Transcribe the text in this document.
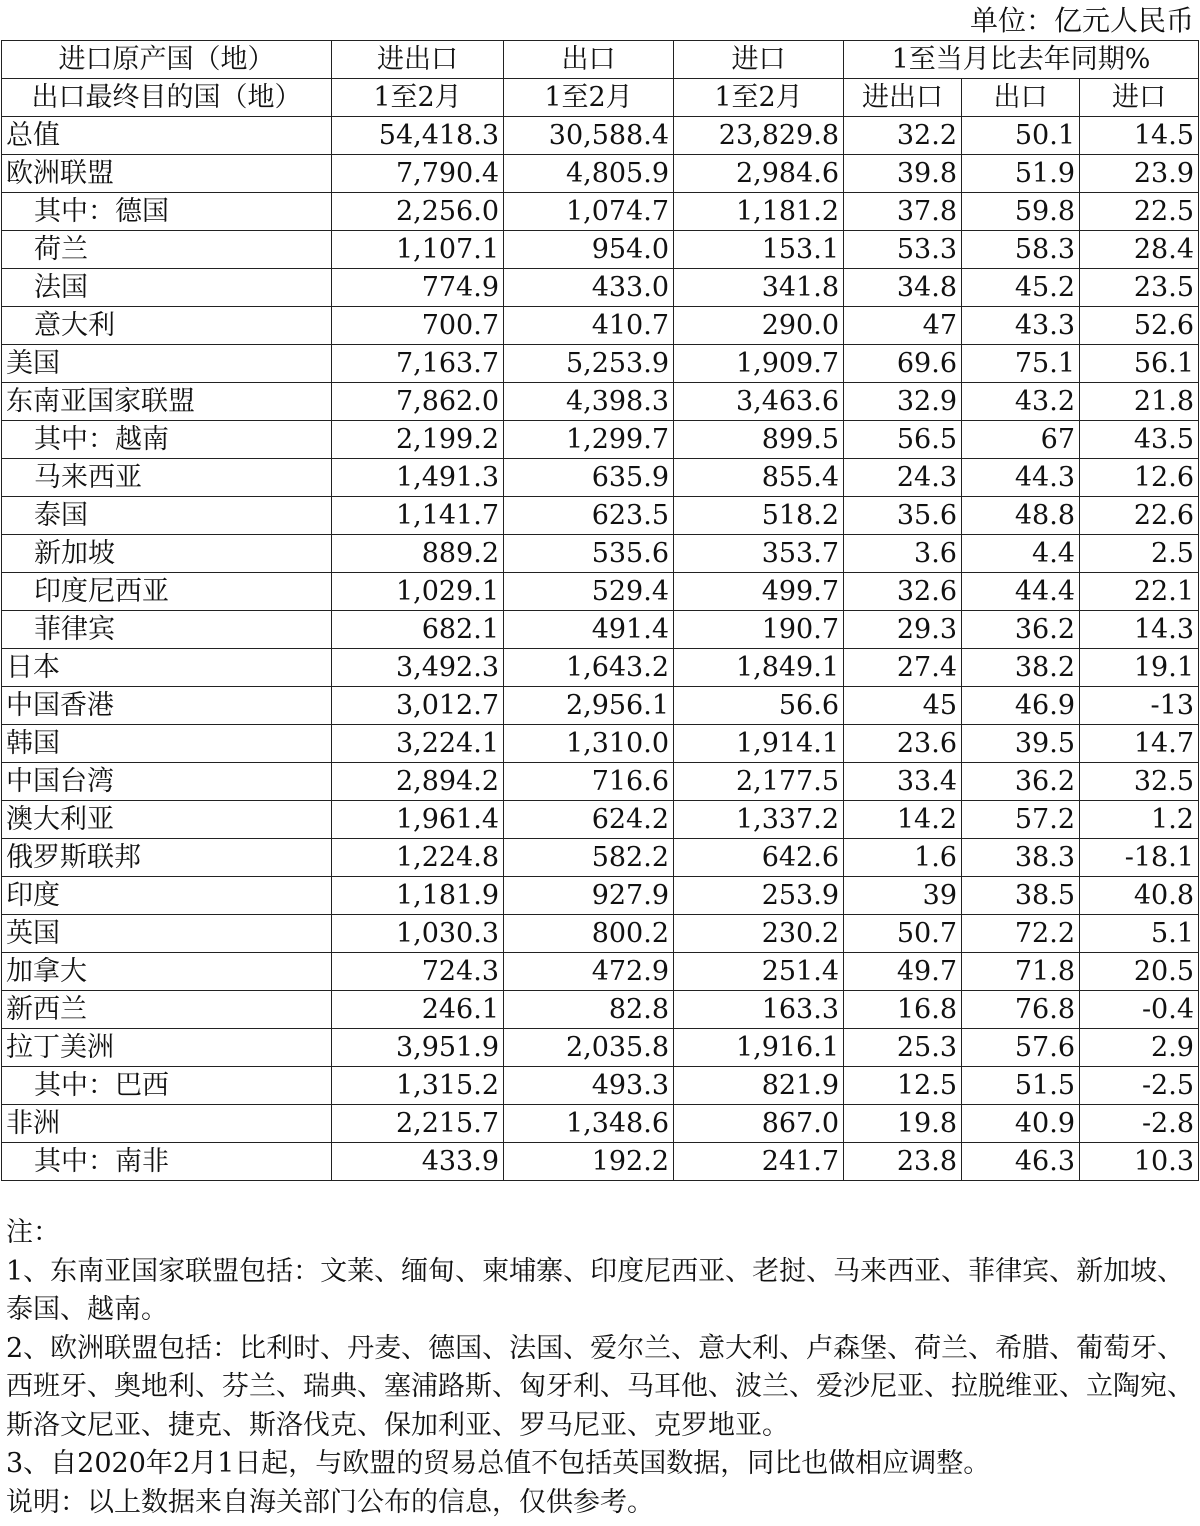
单位：亿元人民币
进口原产国（地）	进出口	出口	进口	1至当月比去年同期%		
出口最终目的国（地）	1至2月	1至2月	1至2月	进出口	出口	进口
总值	54,418.3	30,588.4	23,829.8	32.2	50.1	14.5
欧洲联盟	7,790.4	4,805.9	2,984.6	39.8	51.9	23.9
其中：德国	2,256.0	1,074.7	1,181.2	37.8	59.8	22.5
荷兰	1,107.1	954.0	153.1	53.3	58.3	28.4
法国	774.9	433.0	341.8	34.8	45.2	23.5
意大利	700.7	410.7	290.0	47	43.3	52.6
美国	7,163.7	5,253.9	1,909.7	69.6	75.1	56.1
东南亚国家联盟	7,862.0	4,398.3	3,463.6	32.9	43.2	21.8
其中：越南	2,199.2	1,299.7	899.5	56.5	67	43.5
马来西亚	1,491.3	635.9	855.4	24.3	44.3	12.6
泰国	1,141.7	623.5	518.2	35.6	48.8	22.6
新加坡	889.2	535.6	353.7	3.6	4.4	2.5
印度尼西亚	1,029.1	529.4	499.7	32.6	44.4	22.1
菲律宾	682.1	491.4	190.7	29.3	36.2	14.3
日本	3,492.3	1,643.2	1,849.1	27.4	38.2	19.1
中国香港	3,012.7	2,956.1	56.6	45	46.9	-13
韩国	3,224.1	1,310.0	1,914.1	23.6	39.5	14.7
中国台湾	2,894.2	716.6	2,177.5	33.4	36.2	32.5
澳大利亚	1,961.4	624.2	1,337.2	14.2	57.2	1.2
俄罗斯联邦	1,224.8	582.2	642.6	1.6	38.3	-18.1
印度	1,181.9	927.9	253.9	39	38.5	40.8
英国	1,030.3	800.2	230.2	50.7	72.2	5.1
加拿大	724.3	472.9	251.4	49.7	71.8	20.5
新西兰	246.1	82.8	163.3	16.8	76.8	-0.4
拉丁美洲	3,951.9	2,035.8	1,916.1	25.3	57.6	2.9
其中：巴西	1,315.2	493.3	821.9	12.5	51.5	-2.5
非洲	2,215.7	1,348.6	867.0	19.8	40.9	-2.8
其中：南非	433.9	192.2	241.7	23.8	46.3	10.3

注：

1、东南亚国家联盟包括：文莱、缅甸、柬埔寨、印度尼西亚、老挝、马来西亚、菲律宾、新加坡、泰国、越南。

2、欧洲联盟包括：比利时、丹麦、德国、法国、爱尔兰、意大利、卢森堡、荷兰、希腊、葡萄牙、西班牙、奥地利、芬兰、瑞典、塞浦路斯、匈牙利、马耳他、波兰、爱沙尼亚、拉脱维亚、立陶宛、斯洛文尼亚、捷克、斯洛伐克、保加利亚、罗马尼亚、克罗地亚。

3、自2020年2月1日起，与欧盟的贸易总值不包括英国数据，同比也做相应调整。

说明：以上数据来自海关部门公布的信息，仅供参考。
